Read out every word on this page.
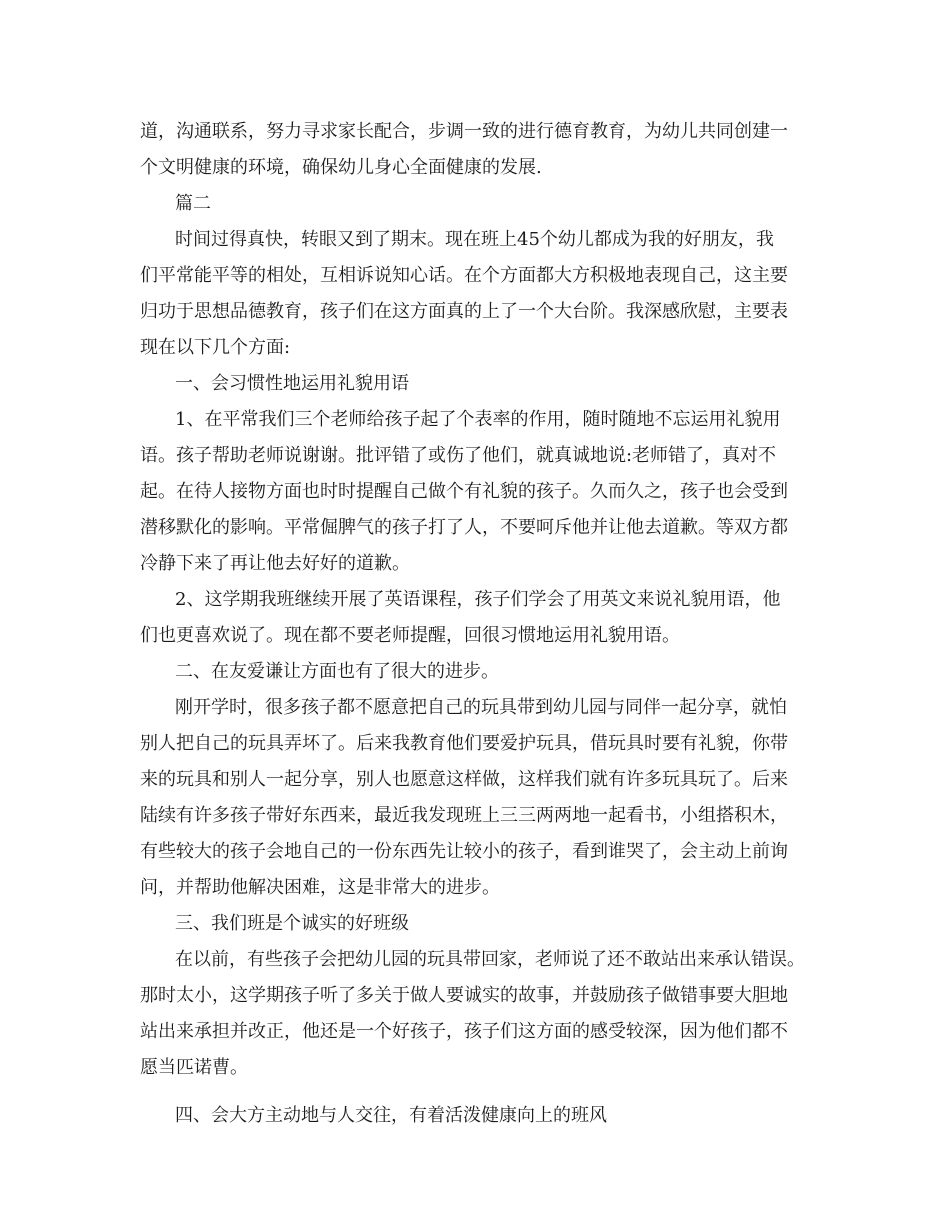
道，沟通联系，努力寻求家长配合，步调一致的进行德育教育，为幼儿共同创建一

个文明健康的环境，确保幼儿身心全面健康的发展.

篇二

时间过得真快，转眼又到了期末。现在班上45个幼儿都成为我的好朋友，我

们平常能平等的相处，互相诉说知心话。在个方面都大方积极地表现自己，这主要

归功于思想品德教育，孩子们在这方面真的上了一个大台阶。我深感欣慰，主要表

现在以下几个方面:

一、会习惯性地运用礼貌用语

1、在平常我们三个老师给孩子起了个表率的作用，随时随地不忘运用礼貌用

语。孩子帮助老师说谢谢。批评错了或伤了他们，就真诚地说:老师错了，真对不

起。在待人接物方面也时时提醒自己做个有礼貌的孩子。久而久之，孩子也会受到

潜移默化的影响。平常倔脾气的孩子打了人，不要呵斥他并让他去道歉。等双方都

冷静下来了再让他去好好的道歉。

2、这学期我班继续开展了英语课程，孩子们学会了用英文来说礼貌用语，他

们也更喜欢说了。现在都不要老师提醒，回很习惯地运用礼貌用语。

二、在友爱谦让方面也有了很大的进步。

刚开学时，很多孩子都不愿意把自己的玩具带到幼儿园与同伴一起分享，就怕

别人把自己的玩具弄坏了。后来我教育他们要爱护玩具，借玩具时要有礼貌，你带

来的玩具和别人一起分享，别人也愿意这样做，这样我们就有许多玩具玩了。后来

陆续有许多孩子带好东西来，最近我发现班上三三两两地一起看书，小组搭积木，

有些较大的孩子会地自己的一份东西先让较小的孩子，看到谁哭了，会主动上前询

问，并帮助他解决困难，这是非常大的进步。

三、我们班是个诚实的好班级

在以前，有些孩子会把幼儿园的玩具带回家，老师说了还不敢站出来承认错误。

那时太小，这学期孩子听了多关于做人要诚实的故事，并鼓励孩子做错事要大胆地

站出来承担并改正，他还是一个好孩子，孩子们这方面的感受较深，因为他们都不

愿当匹诺曹。

四、会大方主动地与人交往，有着活泼健康向上的班风
